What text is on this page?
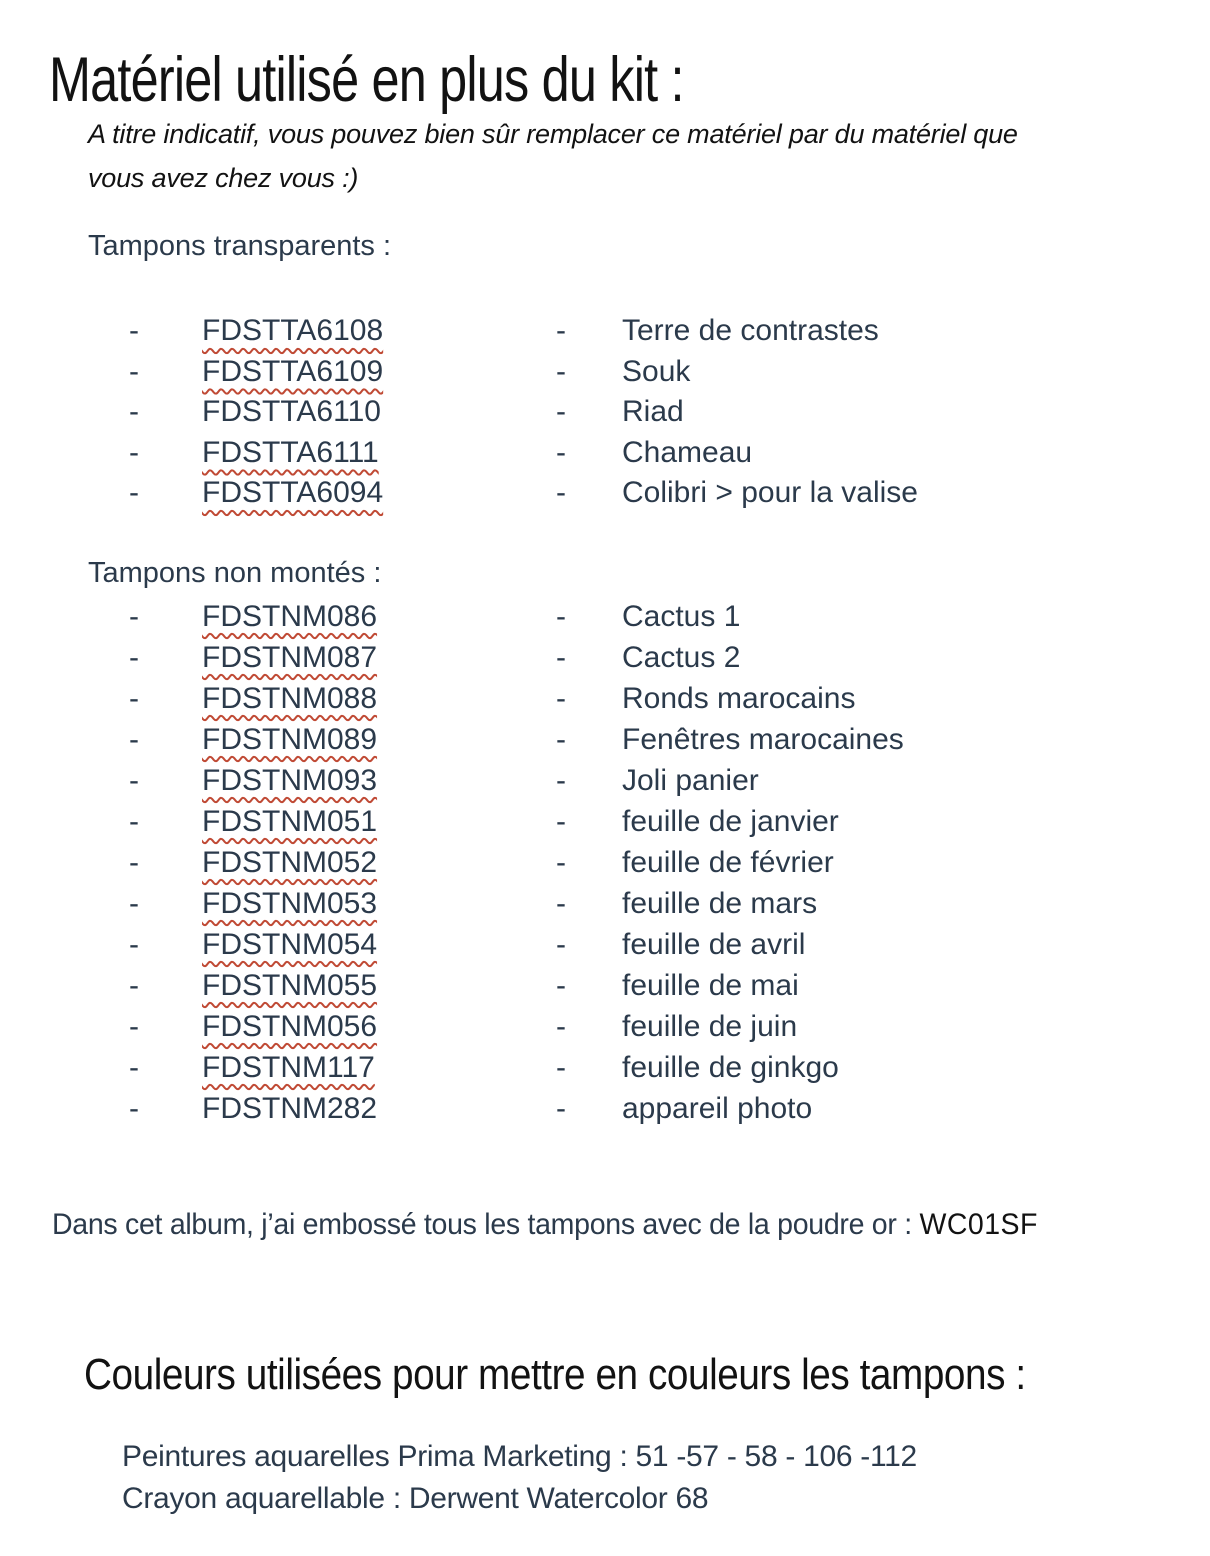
Matériel utilisé en plus du kit :
A titre indicatif, vous pouvez bien sûr remplacer ce matériel par du matériel que vous avez chez vous :)
Tampons transparents :
-	FDSTTA6108	-	Terre de contrastes
-	FDSTTA6109	-	Souk
-	FDSTTA6110	-	Riad
-	FDSTTA6111	-	Chameau
-	FDSTTA6094	-	Colibri > pour la valise
Tampons non montés :
-	FDSTNM086	-	Cactus 1
-	FDSTNM087	-	Cactus 2
-	FDSTNM088	-	Ronds marocains
-	FDSTNM089	-	Fenêtres marocaines
-	FDSTNM093	-	Joli panier
-	FDSTNM051	-	feuille de janvier
-	FDSTNM052	-	feuille de février
-	FDSTNM053	-	feuille de mars
-	FDSTNM054	-	feuille de avril
-	FDSTNM055	-	feuille de mai
-	FDSTNM056	-	feuille de juin
-	FDSTNM117	-	feuille de ginkgo
-	FDSTNM282	-	appareil photo
Dans cet album, j’ai embossé tous les tampons avec de la poudre or : WC01SF
Couleurs utilisées pour mettre en couleurs les tampons :
Peintures aquarelles Prima Marketing : 51 -57 - 58 - 106 -112
Crayon aquarellable : Derwent Watercolor 68
